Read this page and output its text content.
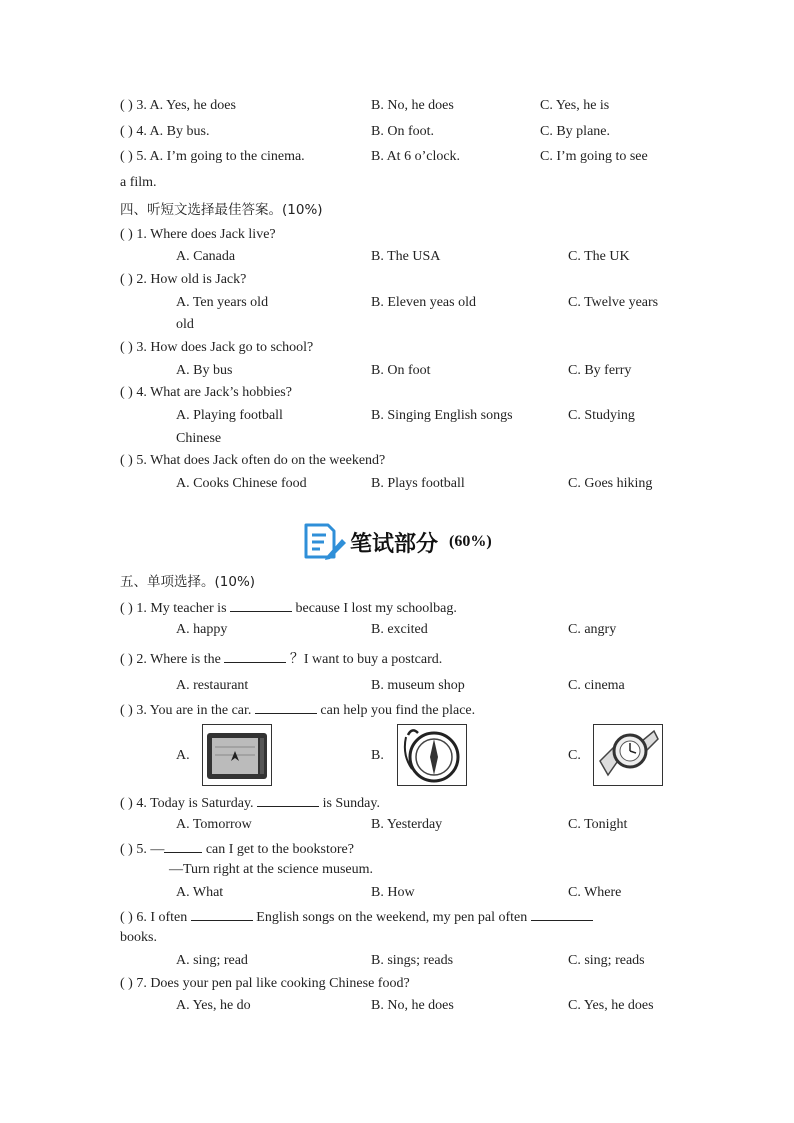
( ) 3. A. Yes, he does	B. No, he does	C. Yes, he is
( ) 4. A. By bus.	B. On foot.	C. By plane.
( ) 5. A. I’m going to the cinema.	B. At 6 o’clock.	C. I’m going to see
a film.
四、听短文选择最佳答案。(10%)
( ) 1. Where does Jack live?
A. Canada	B. The USA	C. The UK
( ) 2. How old is Jack?
A. Ten years old	B. Eleven yeas old	C. Twelve years
old
( ) 3. How does Jack go to school?
A. By bus	B. On foot	C. By ferry
( ) 4. What are Jack’s hobbies?
A. Playing football	B. Singing English songs	C. Studying
Chinese
( ) 5. What does Jack often do on the weekend?
A. Cooks Chinese food	B. Plays football	C. Goes hiking
笔试部分 (60%)
五、单项选择。(10%)
( ) 1. My teacher is	because I lost my schoolbag.
A. happy	B. excited	C. angry
( ) 2. Where is the	？I want to buy a postcard.
A. restaurant	B. museum shop	C. cinema
( ) 3. You are in the car.	can help you find the place.
A.	B.	C.
( ) 4. Today is Saturday.	is Sunday.
A. Tomorrow	B. Yesterday	C. Tonight
( ) 5. —	can I get to the bookstore?
—Turn right at the science museum.
A. What	B. How	C. Where
( ) 6. I often	English songs on the weekend, my pen pal often
books.
A. sing; read	B. sings; reads	C. sing; reads
( ) 7. Does your pen pal like cooking Chinese food?
A. Yes, he do	B. No, he does	C. Yes, he does
